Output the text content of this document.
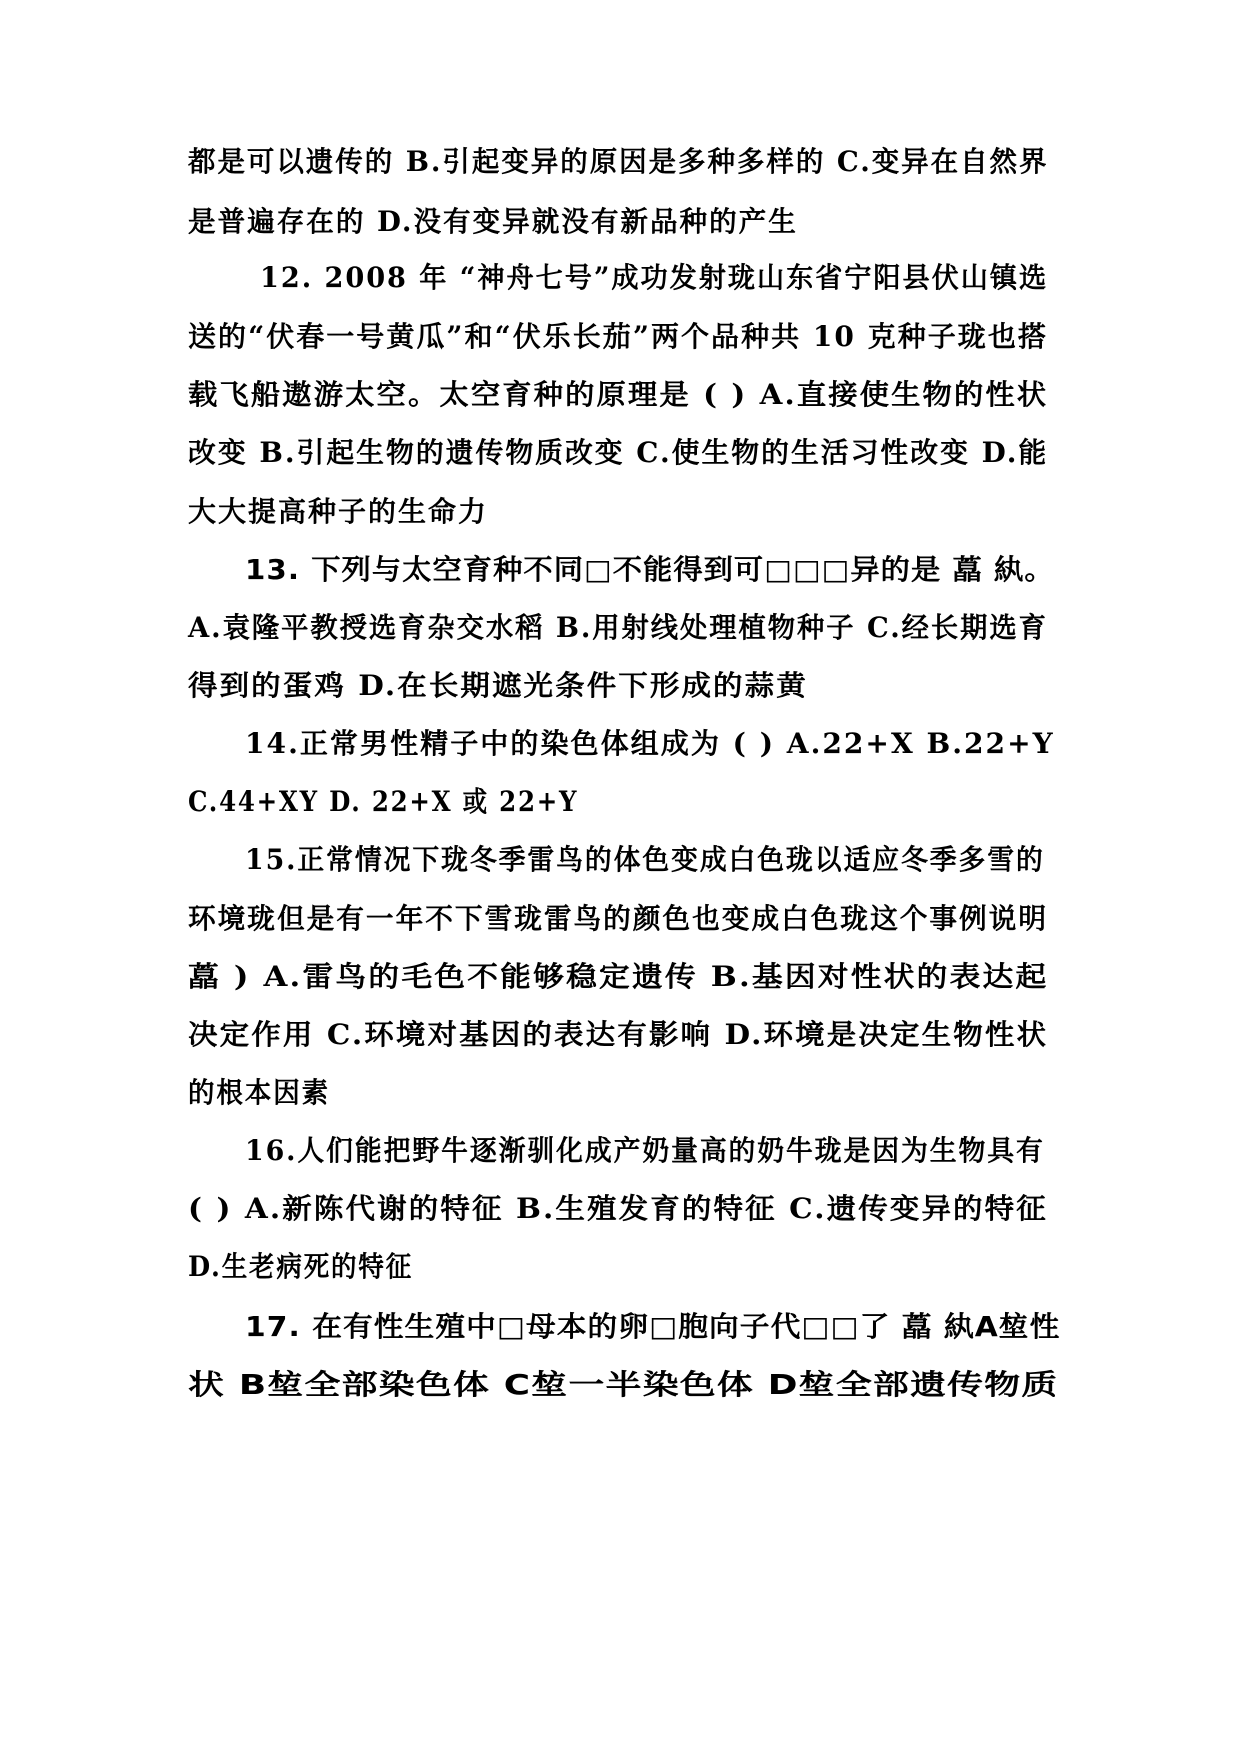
都是可以遗传的 B.引起变异的原因是多种多样的 C.变异在自然界
是普遍存在的 D.没有变异就没有新品种的产生
12. 2008 年 “神舟七号”成功发射珑山东省宁阳县伏山镇选
送的“伏春一号黄瓜”和“伏乐长茄”两个品种共 10 克种子珑也搭
载飞船遨游太空。太空育种的原理是 ( ) A.直接使生物的性状
改变 B.引起生物的遗传物质改变 C.使生物的生活习性改变 D.能
大大提高种子的生命力
13. 下列与太空育种不同□不能得到可□□□异的是 藠 紈。
A.袁隆平教授选育杂交水稻 B.用射线处理植物种子 C.经长期选育
得到的蛋鸡 D.在长期遮光条件下形成的蒜黄
14.正常男性精子中的染色体组成为 ( ) A.22+X B.22+Y
C.44+XY D. 22+X 或 22+Y
15.正常情况下珑冬季雷鸟的体色变成白色珑以适应冬季多雪的
环境珑但是有一年不下雪珑雷鸟的颜色也变成白色珑这个事例说明
藠 ) A.雷鸟的毛色不能够稳定遗传 B.基因对性状的表达起
决定作用 C.环境对基因的表达有影响 D.环境是决定生物性状
的根本因素
16.人们能把野牛逐渐驯化成产奶量高的奶牛珑是因为生物具有
( ) A.新陈代谢的特征 B.生殖发育的特征 C.遗传变异的特征
D.生老病死的特征
17. 在有性生殖中□母本的卵□胞向子代□□了 藠 紈A堏性
状 B堏全部染色体 C堏一半染色体 D堏全部遗传物质
